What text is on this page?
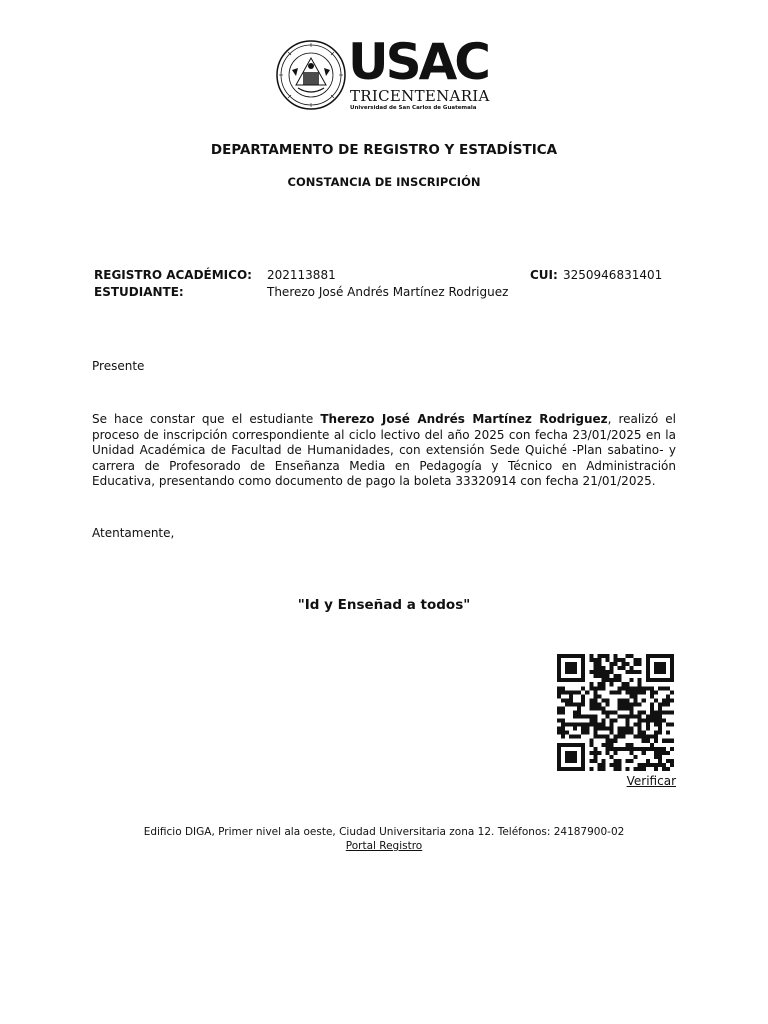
USAC
TRICENTENARIA
Universidad de San Carlos de Guatemala
DEPARTAMENTO DE REGISTRO Y ESTADÍSTICA
CONSTANCIA DE INSCRIPCIÓN
REGISTRO ACADÉMICO: 202113881	CUI: 3250946831401
ESTUDIANTE:	Therezo José Andrés Martínez Rodriguez
Presente
Se hace constar que el estudiante Therezo José Andrés Martínez Rodriguez, realizó el proceso de inscripción correspondiente al ciclo lectivo del año 2025 con fecha 23/01/2025 en la Unidad Académica de Facultad de Humanidades, con extensión Sede Quiché -Plan sabatino- y carrera de Profesorado de Enseñanza Media en Pedagogía y Técnico en Administración Educativa, presentando como documento de pago la boleta 33320914 con fecha 21/01/2025.
Atentamente,
"Id y Enseñad a todos"
Verificar
Edificio DIGA, Primer nivel ala oeste, Ciudad Universitaria zona 12. Teléfonos: 24187900-02
Portal Registro
